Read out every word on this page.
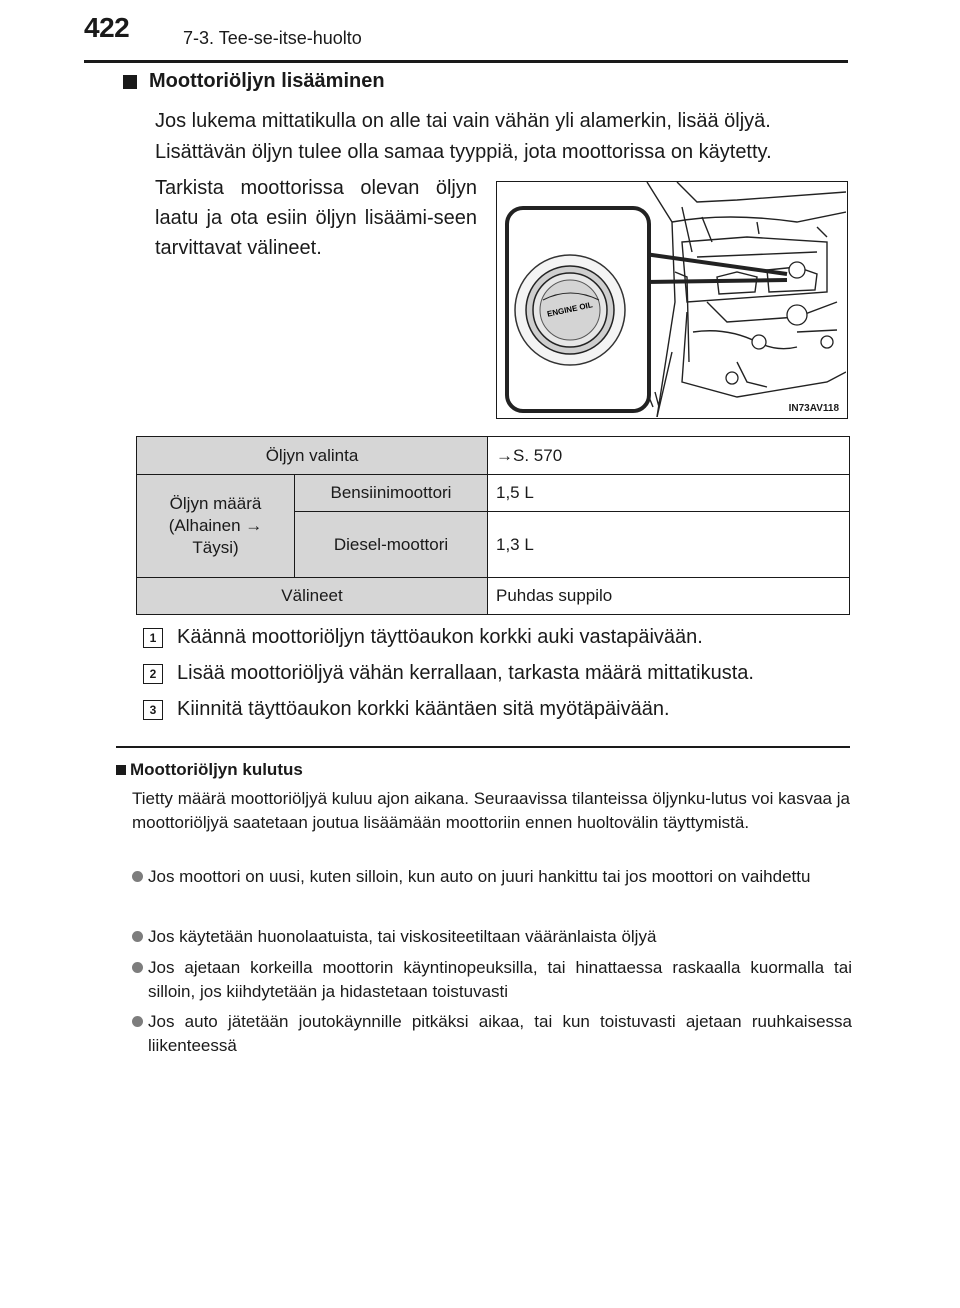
422	7-3. Tee-se-itse-huolto
Moottoriöljyn lisääminen

Jos lukema mittatikulla on alle tai vain vähän yli alamerkin, lisää öljyä. Lisättävän öljyn tulee olla samaa tyyppiä, jota moottorissa on käytetty.

Tarkista moottorissa olevan öljyn laatu ja ota esiin öljyn lisäämi-seen tarvittavat välineet.

ENGINE OIL
IN73AV118
Öljyn valinta		→S. 570
Öljyn määrä (Alhainen → Täysi)	Bensiinimoottori	1,5 L
	Diesel-moottori	1,3 L
Välineet		Puhdas suppilo
1	Käännä moottoriöljyn täyttöaukon korkki auki vastapäivään.
2	Lisää moottoriöljyä vähän kerrallaan, tarkasta määrä mittatikusta.
3	Kiinnitä täyttöaukon korkki kääntäen sitä myötäpäivään.
Moottoriöljyn kulutus

Tietty määrä moottoriöljyä kuluu ajon aikana. Seuraavissa tilanteissa öljynku-lutus voi kasvaa ja moottoriöljyä saatetaan joutua lisäämään moottoriin ennen huoltovälin täyttymistä.

Jos moottori on uusi, kuten silloin, kun auto on juuri hankittu tai jos moottori on vaihdettu

Jos käytetään huonolaatuista, tai viskositeetiltaan vääränlaista öljyä

Jos ajetaan korkeilla moottorin käyntinopeuksilla, tai hinattaessa raskaalla kuormalla tai silloin, jos kiihdytetään ja hidastetaan toistuvasti

Jos auto jätetään joutokäynnille pitkäksi aikaa, tai kun toistuvasti ajetaan ruuhkaisessa liikenteessä
